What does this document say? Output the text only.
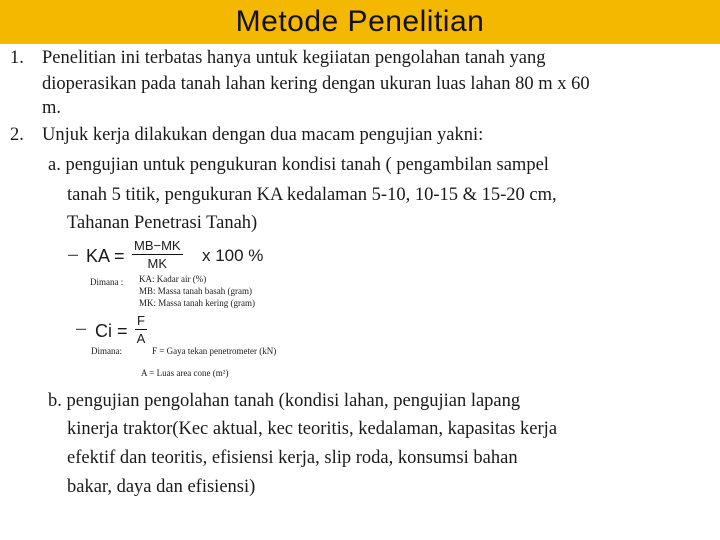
Metode Penelitian
1. Penelitian ini terbatas hanya untuk kegiiatan pengolahan tanah yang
dioperasikan pada tanah lahan kering dengan ukuran luas lahan 80 m x 60
m.
2. Unjuk kerja dilakukan dengan dua macam pengujian yakni:
a. pengujian untuk pengukuran kondisi tanah ( pengambilan sampel
tanah 5 titik, pengukuran KA kedalaman 5-10, 10-15 & 15-20 cm,
Tahanan Penetrasi Tanah)
– KA = $\frac{MB-MK}{MK}$ x 100 %
Dimana : KA: Kadar air (%)
MB: Massa tanah basah (gram)
MK: Massa tanah kering (gram)
– $Ci = \frac{F}{A}$
Dimana:	F = Gaya tekan penetrometer (kN)
A = Luas area cone (m²)
b. pengujian pengolahan tanah (kondisi lahan, pengujian lapang
kinerja traktor(Kec aktual, kec teoritis, kedalaman, kapasitas kerja
efektif dan teoritis, efisiensi kerja, slip roda, konsumsi bahan
bakar, daya dan efisiensi)
